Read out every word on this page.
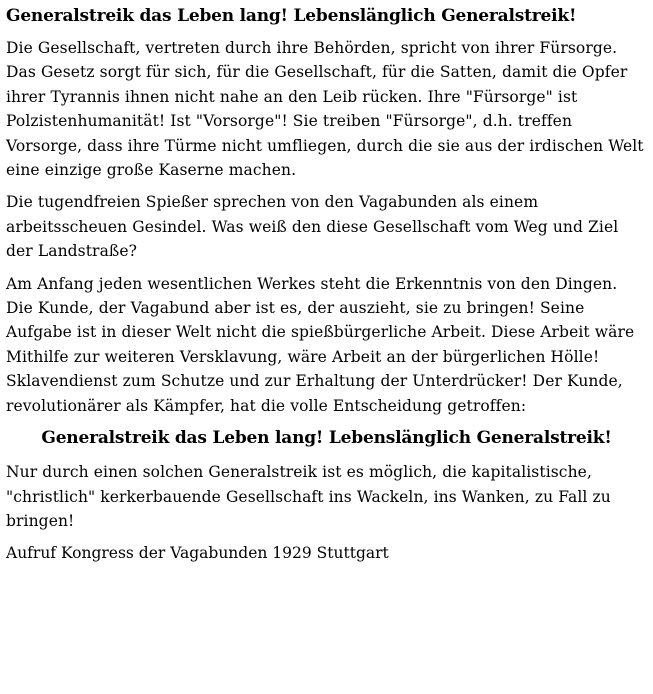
Generalstreik das Leben lang! Lebenslänglich Generalstreik!

Die Gesellschaft, vertreten durch ihre Behörden, spricht von ihrer Fürsorge. Das Gesetz sorgt für sich, für die Gesellschaft, für die Satten, damit die Opfer ihrer Tyrannis ihnen nicht nahe an den Leib rücken. Ihre "Fürsorge" ist Polzistenhumanität! Ist "Vorsorge"! Sie treiben "Fürsorge", d.h. treffen Vorsorge, dass ihre Türme nicht umfliegen, durch die sie aus der irdischen Welt eine einzige große Kaserne machen.

Die tugendfreien Spießer sprechen von den Vagabunden als einem arbeitsscheuen Gesindel. Was weiß den diese Gesellschaft vom Weg und Ziel der Landstraße?

Am Anfang jeden wesentlichen Werkes steht die Erkenntnis von den Dingen. Die Kunde, der Vagabund aber ist es, der auszieht, sie zu bringen! Seine Aufgabe ist in dieser Welt nicht die spießbürgerliche Arbeit. Diese Arbeit wäre Mithilfe zur weiteren Versklavung, wäre Arbeit an der bürgerlichen Hölle! Sklavendienst zum Schutze und zur Erhaltung der Unterdrücker! Der Kunde, revolutionärer als Kämpfer, hat die volle Entscheidung getroffen:

Generalstreik das Leben lang! Lebenslänglich Generalstreik!

Nur durch einen solchen Generalstreik ist es möglich, die kapitalistische, "christlich" kerkerbauende Gesellschaft ins Wackeln, ins Wanken, zu Fall zu bringen!

Aufruf Kongress der Vagabunden 1929 Stuttgart
